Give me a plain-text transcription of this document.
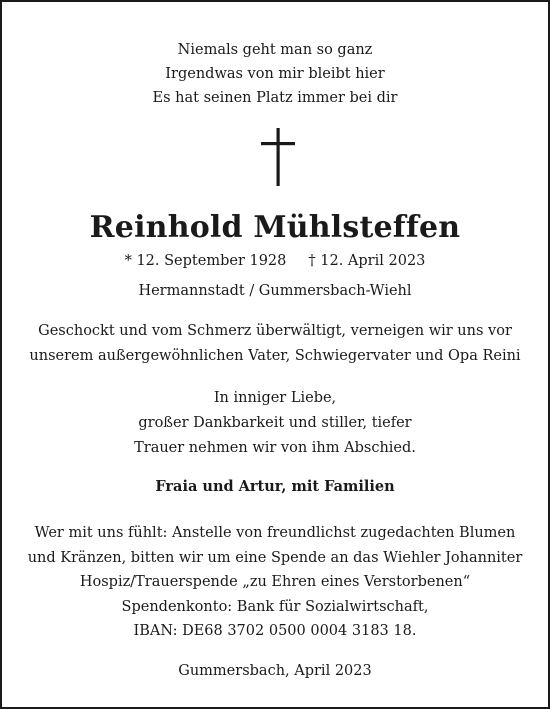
Niemals geht man so ganz
Irgendwas von mir bleibt hier
Es hat seinen Platz immer bei dir
Reinhold Mühlsteffen
* 12. September 1928 † 12. April 2023
Hermannstadt / Gummersbach-Wiehl
Geschockt und vom Schmerz überwältigt, verneigen wir uns vor
unserem außergewöhnlichen Vater, Schwiegervater und Opa Reini
In inniger Liebe,
großer Dankbarkeit und stiller, tiefer
Trauer nehmen wir von ihm Abschied.
Fraia und Artur, mit Familien
Wer mit uns fühlt: Anstelle von freundlichst zugedachten Blumen
und Kränzen, bitten wir um eine Spende an das Wiehler Johanniter
Hospiz/Trauerspende „zu Ehren eines Verstorbenen“
Spendenkonto: Bank für Sozialwirtschaft,
IBAN: DE68 3702 0500 0004 3183 18.
Gummersbach, April 2023
